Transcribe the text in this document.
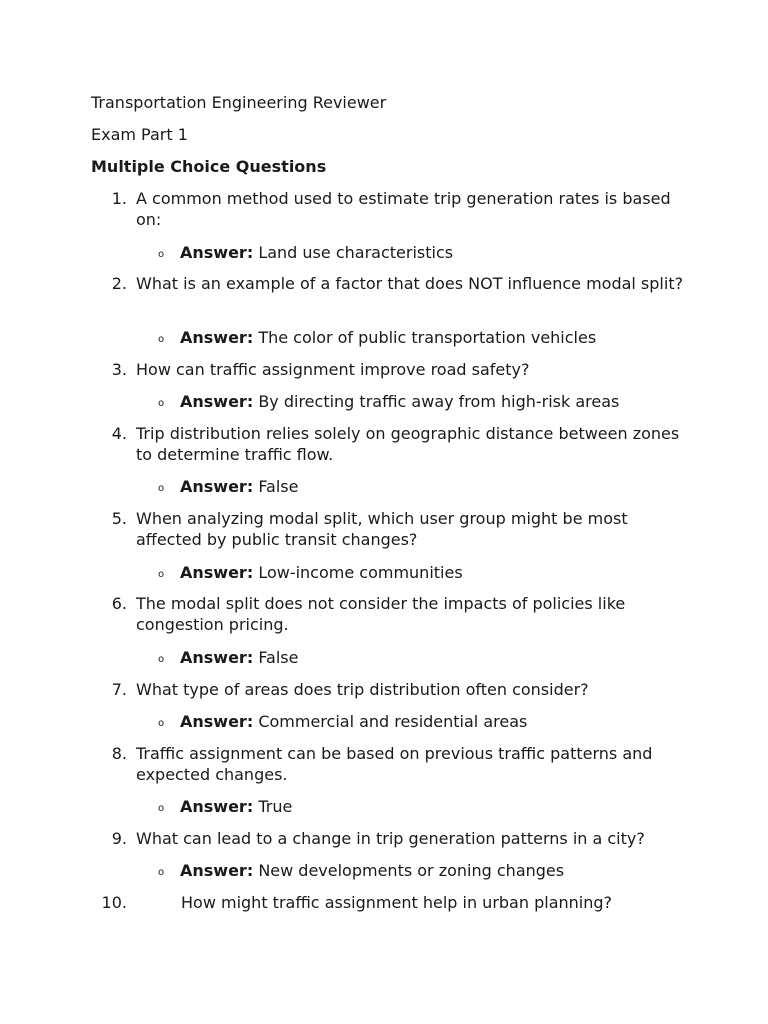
Transportation Engineering Reviewer
Exam Part 1
Multiple Choice Questions
1. A common method used to estimate trip generation rates is based on:
o Answer: Land use characteristics
2. What is an example of a factor that does NOT influence modal split?
o Answer: The color of public transportation vehicles
3. How can traffic assignment improve road safety?
o Answer: By directing traffic away from high-risk areas
4. Trip distribution relies solely on geographic distance between zones to determine traffic flow.
o Answer: False
5. When analyzing modal split, which user group might be most affected by public transit changes?
o Answer: Low-income communities
6. The modal split does not consider the impacts of policies like congestion pricing.
o Answer: False
7. What type of areas does trip distribution often consider?
o Answer: Commercial and residential areas
8. Traffic assignment can be based on previous traffic patterns and expected changes.
o Answer: True
9. What can lead to a change in trip generation patterns in a city?
o Answer: New developments or zoning changes
10.	How might traffic assignment help in urban planning?
